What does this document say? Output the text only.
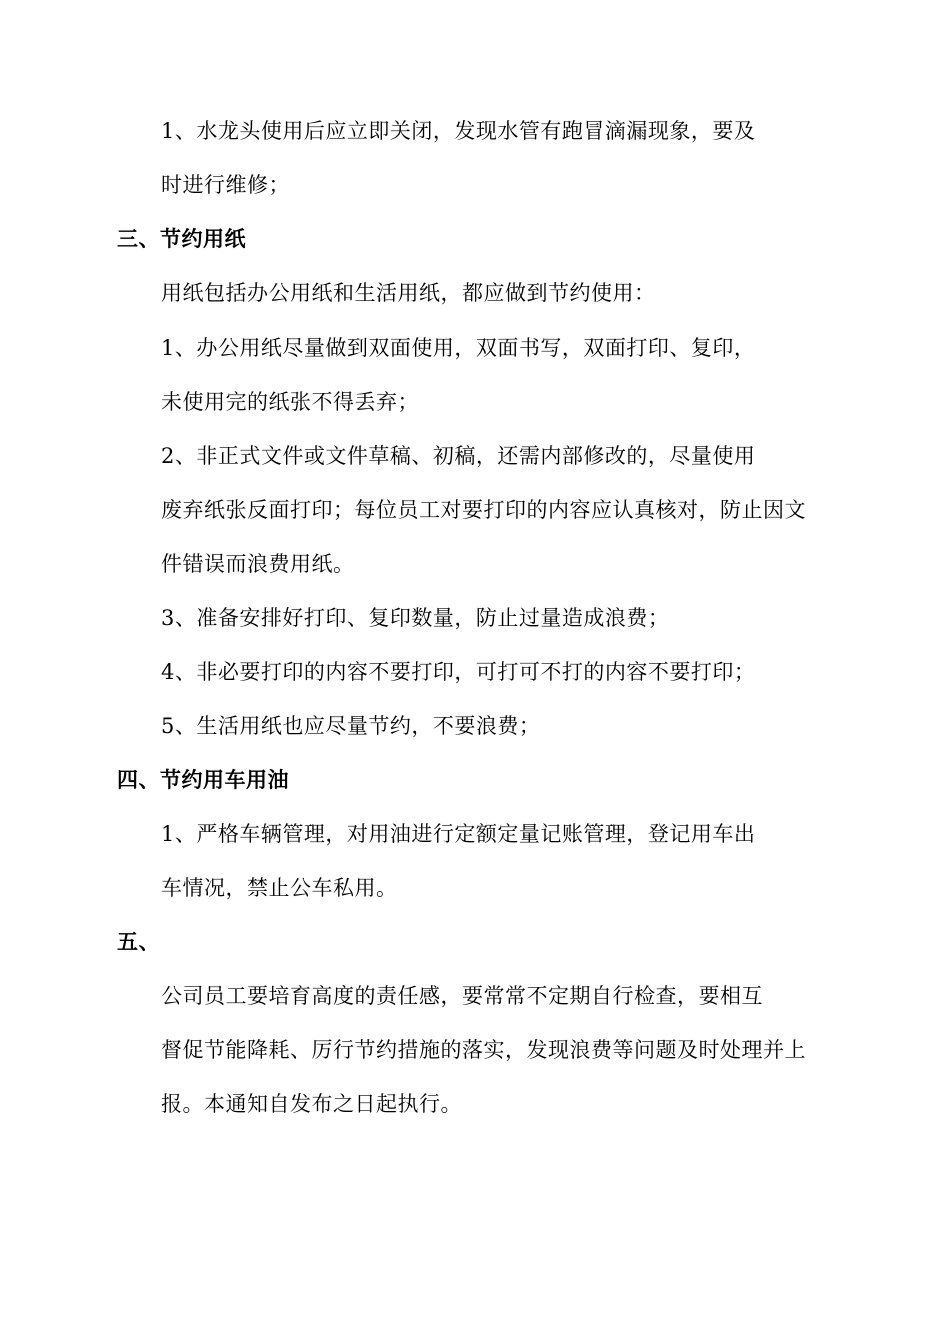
1、水龙头使用后应立即关闭，发现水管有跑冒滴漏现象，要及
时进行维修；
三、节约用纸
用纸包括办公用纸和生活用纸，都应做到节约使用：
1、办公用纸尽量做到双面使用，双面书写，双面打印、复印，
未使用完的纸张不得丢弃；
2、非正式文件或文件草稿、初稿，还需内部修改的，尽量使用
废弃纸张反面打印；每位员工对要打印的内容应认真核对，防止因文
件错误而浪费用纸。
3、准备安排好打印、复印数量，防止过量造成浪费；
4、非必要打印的内容不要打印，可打可不打的内容不要打印；
5、生活用纸也应尽量节约，不要浪费；
四、节约用车用油
1、严格车辆管理，对用油进行定额定量记账管理，登记用车出
车情况，禁止公车私用。
五、
公司员工要培育高度的责任感，要常常不定期自行检查，要相互
督促节能降耗、厉行节约措施的落实，发现浪费等问题及时处理并上
报。本通知自发布之日起执行。
